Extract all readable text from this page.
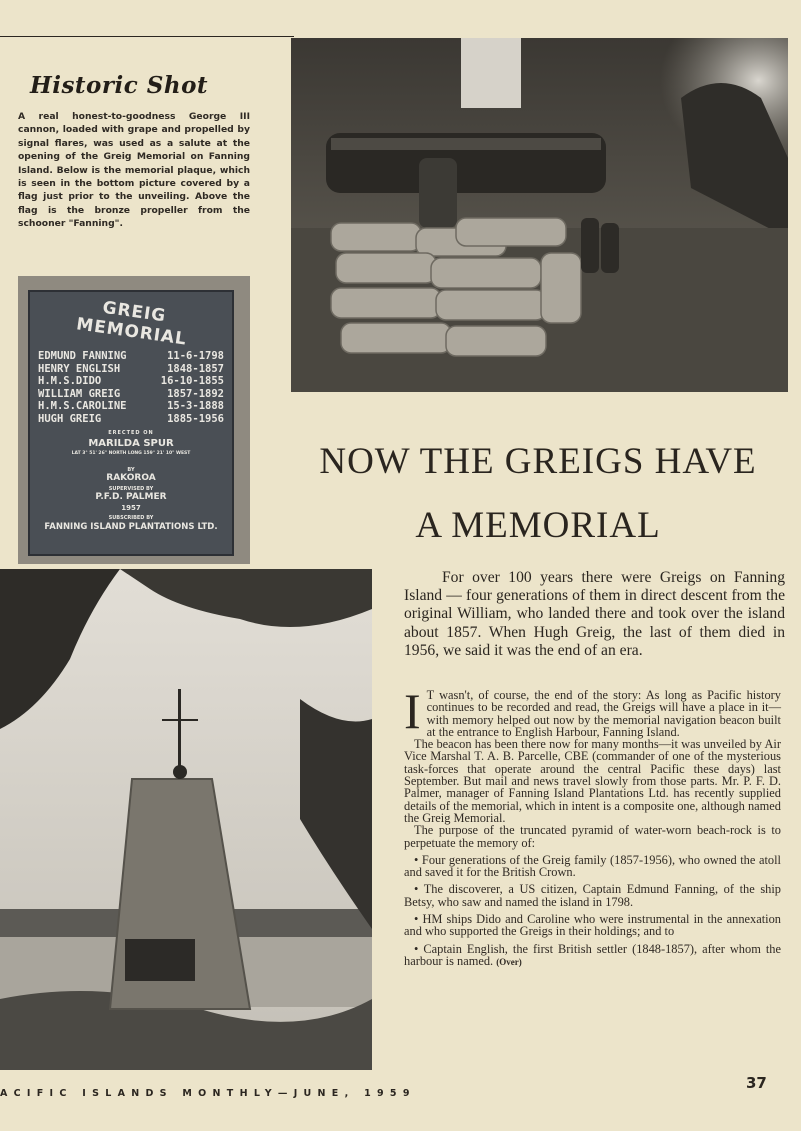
Historic Shot
A real honest-to-goodness George III cannon, loaded with grape and propelled by signal flares, was used as a salute at the opening of the Greig Memorial on Fanning Island. Below is the memorial plaque, which is seen in the bottom picture covered by a flag just prior to the unveiling. Above the flag is the bronze propeller from the schooner "Fanning".
GREIG MEMORIAL
EDMUND FANNING	11-6-1798
HENRY ENGLISH	1848-1857
H.M.S.DIDO	16-10-1855
WILLIAM GREIG	1857-1892
H.M.S.CAROLINE	15-3-1888
HUGH GREIG	1885-1956
ERECTED ON
MARILDA SPUR
LAT 3° 51' 26" NORTH LONG 159° 21' 10" WEST
BY
RAKOROA
SUPERVISED BY
P.F.D. PALMER
1957
SUBSCRIBED BY
FANNING ISLAND PLANTATIONS LTD.
NOW THE GREIGS HAVE
A MEMORIAL
For over 100 years there were Greigs on Fanning Island — four generations of them in direct descent from the original William, who landed there and took over the island about 1857. When Hugh Greig, the last of them died in 1956, we said it was the end of an era.

I T wasn't, of course, the end of the story: As long as Pacific history continues to be recorded and read, the Greigs will have a place in it—with memory helped out now by the memorial navigation beacon built at the entrance to English Harbour, Fanning Island.

The beacon has been there now for many months—it was unveiled by Air Vice Marshal T. A. B. Parcelle, CBE (commander of one of the mysterious task-forces that operate around the central Pacific these days) last September. But mail and news travel slowly from those parts. Mr. P. F. D. Palmer, manager of Fanning Island Plantations Ltd. has recently supplied details of the memorial, which in intent is a composite one, although named the Greig Memorial.

The purpose of the truncated pyramid of water-worn beach-rock is to perpetuate the memory of:

• Four generations of the Greig family (1857-1956), who owned the atoll and saved it for the British Crown.

• The discoverer, a US citizen, Captain Edmund Fanning, of the ship Betsy, who saw and named the island in 1798.

• HM ships Dido and Caroline who were instrumental in the annexation and who supported the Greigs in their holdings; and to

• Captain English, the first British settler (1848-1857), after whom the harbour is named. (Over)

ACIFIC ISLANDS MONTHLY—JUNE, 1959
37
